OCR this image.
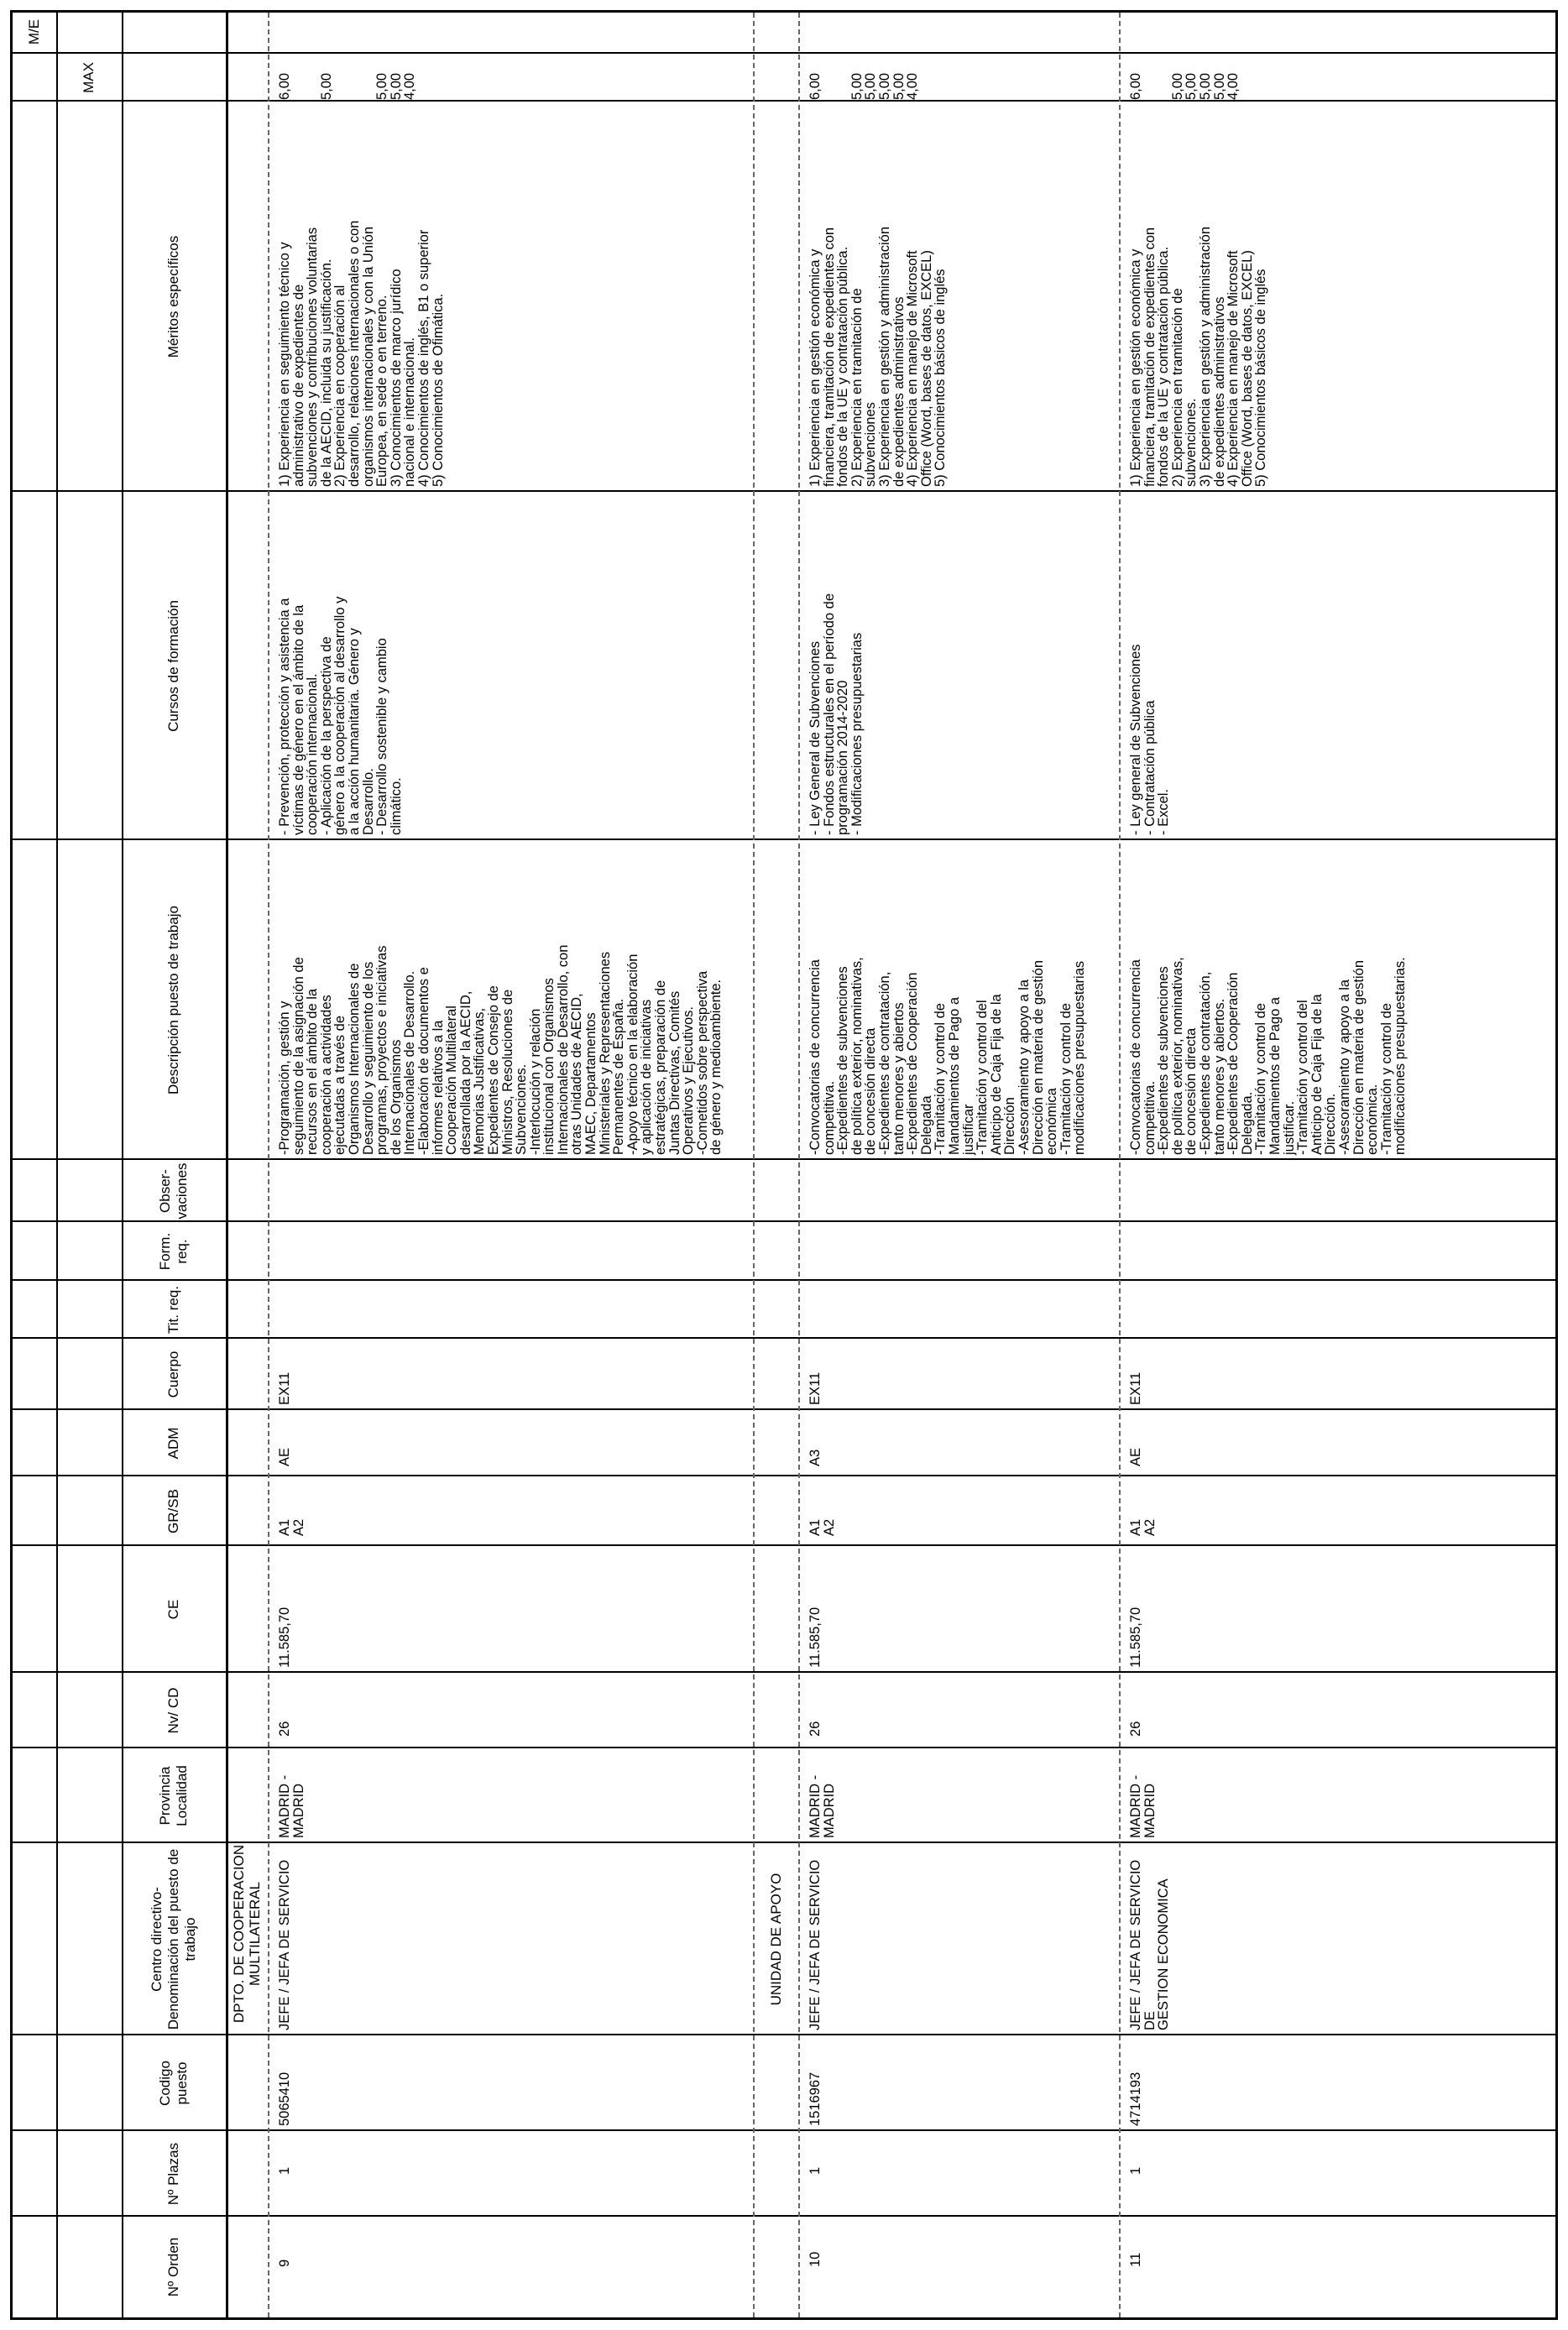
Nº Orden
Nº Plazas
Codigo puesto
Centro directivo- Denominación del puesto de trabajo
Provincia Localidad
Nv/ CD
CE
GR/SB
ADM
Cuerpo
Tit. req.
Form. req.
Obser- vaciones
Descripción puesto de trabajo
Cursos de formación
Méritos específicos
MAX
M/E
DPTO. DE COOPERACION
MULTILATERAL	UNIDAD DE APOYO
9
1
5065410
JEFE / JEFA DE SERVICIO
MADRID -
MADRID
26
11.585,70
A1
A2
AE
EX11
-Programación, gestión y
seguimiento de la asignación de
recursos en el ámbito de la
cooperación a actividades
ejecutadas a través de
Organismos Internacionales de
Desarrollo y seguimiento de los
programas, proyectos e iniciativas
de los Organismos
Internacionales de Desarrollo.
-Elaboración de documentos e
informes relativos a la
Cooperación Multilateral
desarrollada por la AECID,
Memorias Justificativas,
Expedientes de Consejo de
Ministros, Resoluciones de
Subvenciones.
-Interlocución y relación
institucional con Organismos
Internacionales de Desarrollo, con
otras Unidades de AECID,
MAEC, Departamentos
Ministeriales y Representaciones
Permanentes de España.
-Apoyo técnico en la elaboración
y aplicación de iniciativas
estratégicas, preparación de
Juntas Directivas, Comités
Operativos y Ejecutivos.
-Cometidos sobre perspectiva
de género y medioambiente.
- Prevención, protección y asistencia a
víctimas de género en el ámbito de la
cooperación internacional.
- Aplicación de la perspectiva de
género a la cooperación al desarrollo y
a la acción humanitaria. Género y
Desarrollo.
- Desarrollo sostenible y cambio
climático.
1) Experiencia en seguimiento técnico y
administrativo de expedientes de
subvenciones y contribuciones voluntarias
de la AECID, incluida su justificación.
2) Experiencia en cooperación al
desarrollo, relaciones internacionales o con
organismos internacionales y con la Unión
Europea, en sede o en terreno.
3) Conocimientos de marco jurídico
nacional e internacional.
4) Conocimientos de inglés, B1 o superior
5) Conocimientos de Ofimática.
6,00

5,00

5,00
5,00
4,00
10
1
1516967
JEFE / JEFA DE SERVICIO
MADRID -
MADRID
26
11.585,70
A1
A2
A3
EX11
-Convocatorias de concurrencia
competitiva.
-Expedientes de subvenciones
de política exterior, nominativas,
de concesión directa
-Expedientes de contratación,
tanto menores y abiertos
-Expedientes de Cooperación
Delegada
-Tramitación y control de
Mandamientos de Pago a
justificar
-Tramitación y control del
Anticipo de Caja Fija de la
Dirección
-Asesoramiento y apoyo a la
Dirección en materia de gestión
económica
-Tramitación y control de
modificaciones presupuestarias
- Ley General de Subvenciones
- Fondos estructurales en el período de
programación 2014-2020
- Modificaciones presupuestarias
1) Experiencia en gestión económica y
financiera, tramitación de expedientes con
fondos de la UE y contratación pública.
2) Experiencia en tramitación de
subvenciones
3) Experiencia en gestión y administración
de expedientes administrativos
4) Experiencia en manejo de Microsoft
Office (Word, bases de datos, EXCEL)
5) Conocimientos básicos de inglés
6,00

5,00
5,00
5,00
5,00
4,00
11
1
4714193
JEFE / JEFA DE SERVICIO DE
GESTION ECONOMICA
MADRID -
MADRID
26
11.585,70
A1
A2
AE
EX11
-Convocatorias de concurrencia
competitiva.
-Expedientes de subvenciones
de política exterior, nominativas,
de concesión directa
-Expedientes de contratación,
tanto menores y abiertos.
-Expedientes de Cooperación
Delegada.
-Tramitación y control de
Mandamientos de Pago a
justificar.
-Tramitación y control del
Anticipo de Caja Fija de la
Dirección.
-Asesoramiento y apoyo a la
Dirección en materia de gestión
económica.
-Tramitación y control de
modificaciones presupuestarias.
- Ley general de Subvenciones
- Contratación pública
- Excel.
1) Experiencia en gestión económica y
financiera, tramitación de expedientes con
fondos de la UE y contratación pública.
2) Experiencia en tramitación de
subvenciones.
3) Experiencia en gestión y administración
de expedientes administrativos
4) Experiencia en manejo de Microsoft
Office (Word, bases de datos, EXCEL)
5) Conocimientos básicos de inglés
6,00

5,00
5,00
5,00
5,00
4,00
